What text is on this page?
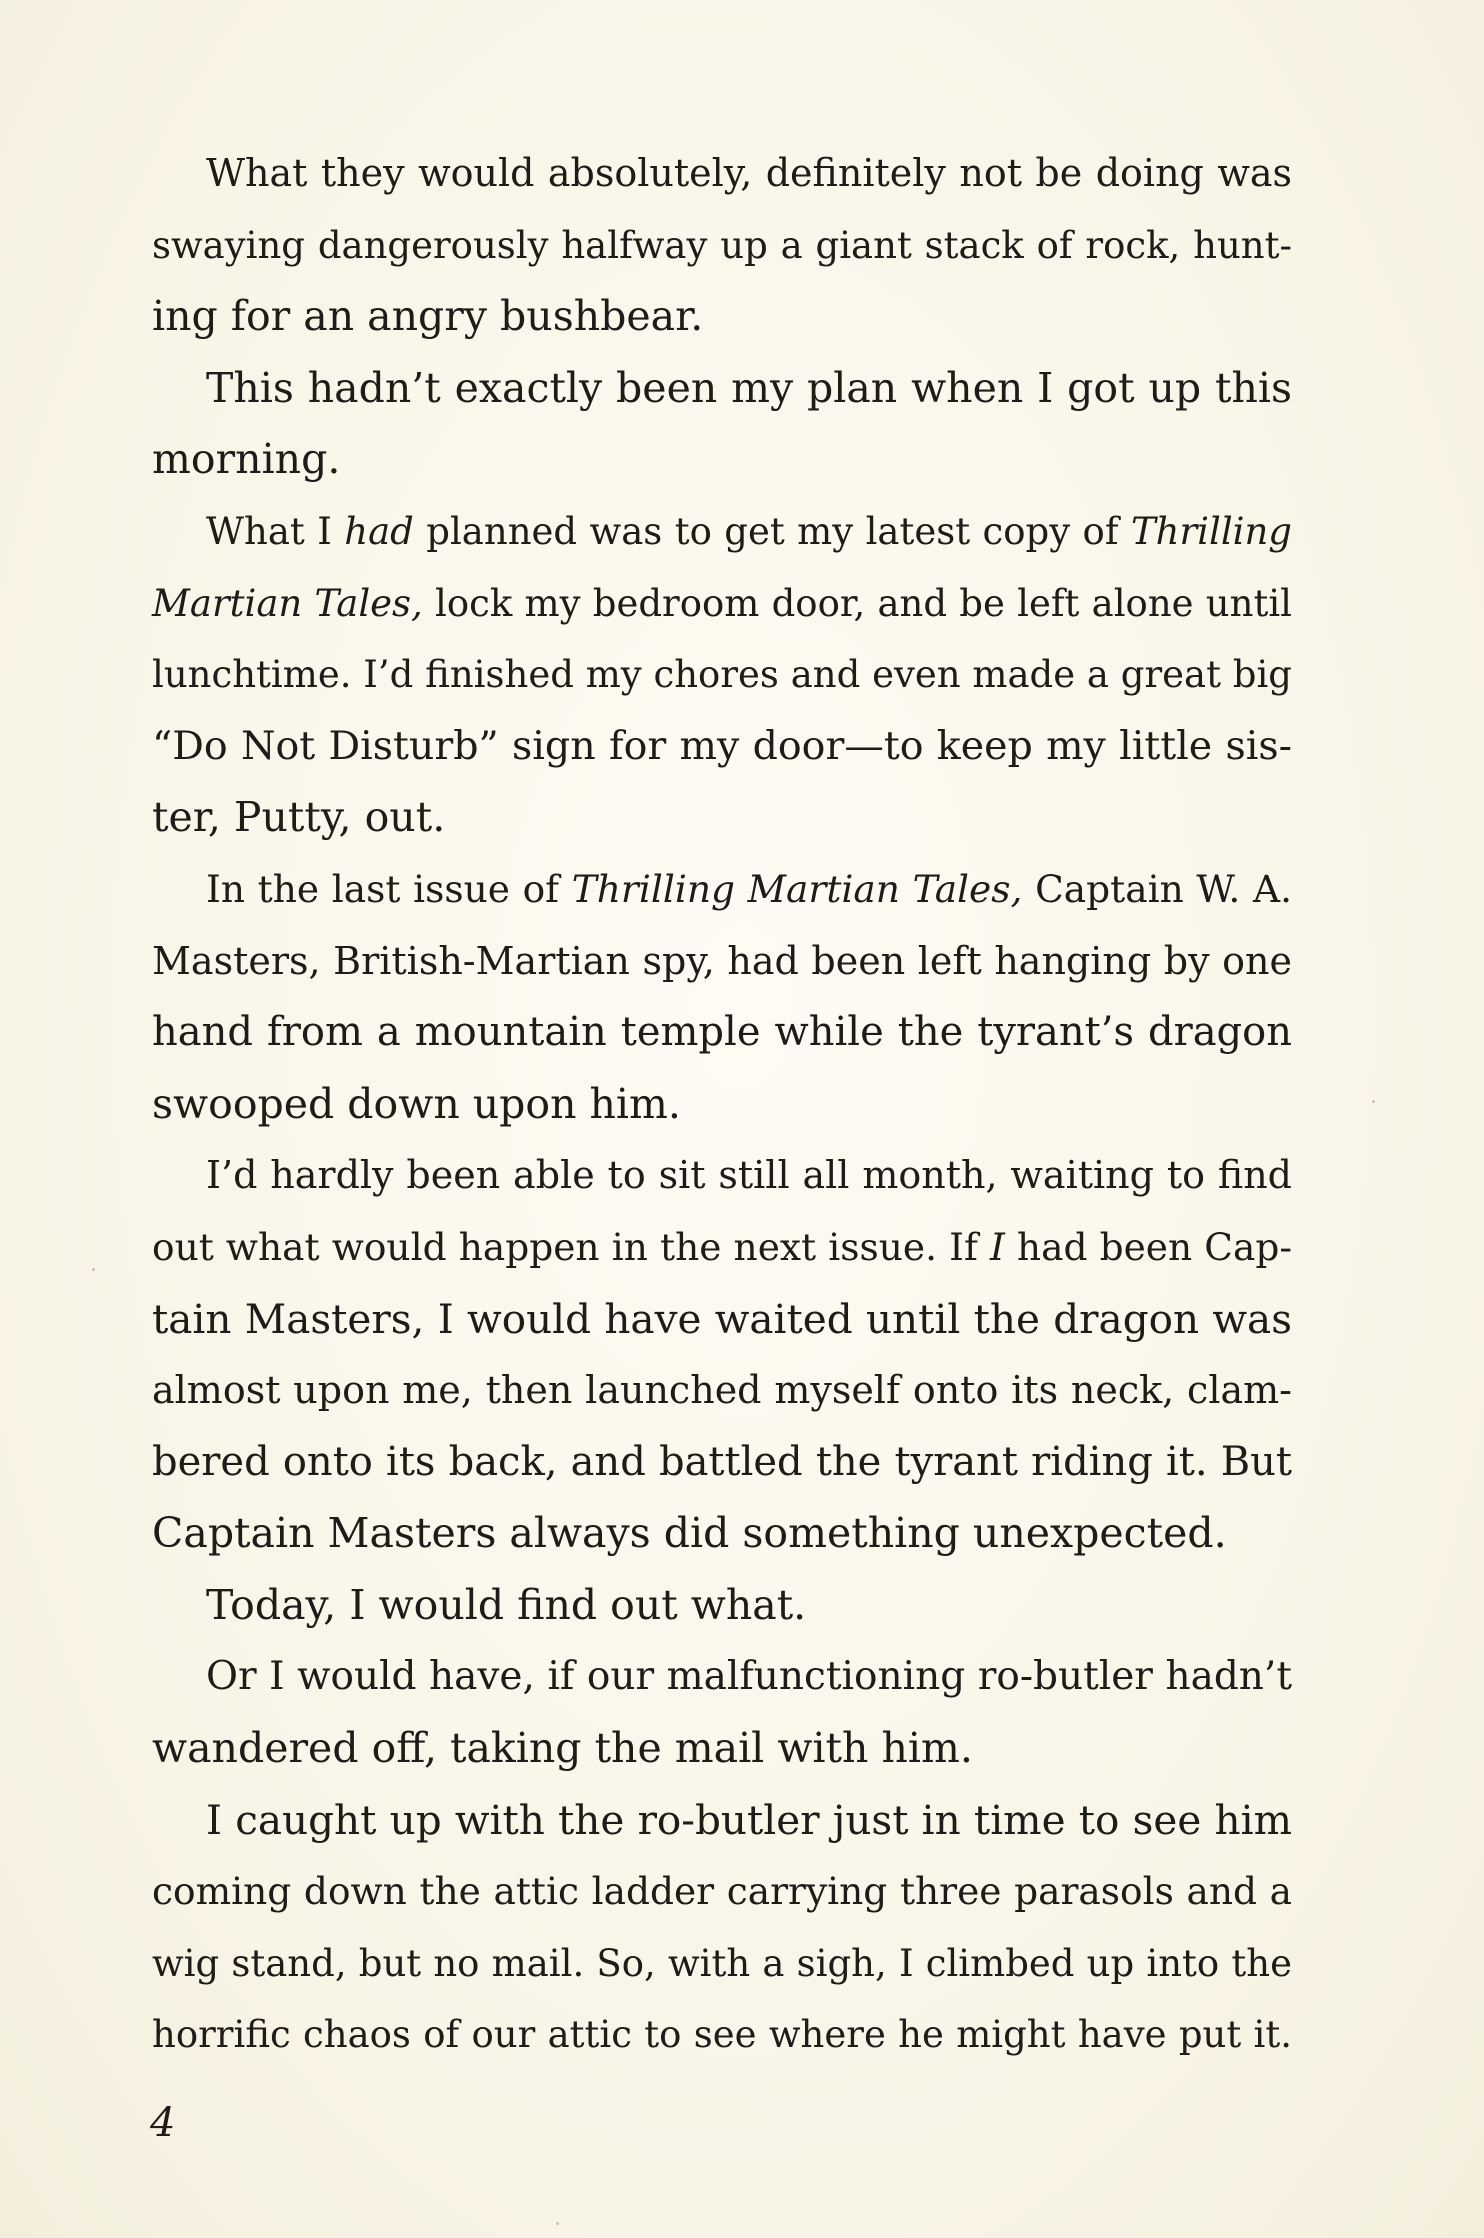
What they would absolutely, definitely not be doing was
swaying dangerously halfway up a giant stack of rock, hunt-
ing for an angry bushbear.
This hadn’t exactly been my plan when I got up this
morning.
What I had planned was to get my latest copy of Thrilling
Martian Tales, lock my bedroom door, and be left alone until
lunchtime. I’d finished my chores and even made a great big
“Do Not Disturb” sign for my door—to keep my little sis-
ter, Putty, out.
In the last issue of Thrilling Martian Tales, Captain W. A.
Masters, British-Martian spy, had been left hanging by one
hand from a mountain temple while the tyrant’s dragon
swooped down upon him.
I’d hardly been able to sit still all month, waiting to find
out what would happen in the next issue. If I had been Cap-
tain Masters, I would have waited until the dragon was
almost upon me, then launched myself onto its neck, clam-
bered onto its back, and battled the tyrant riding it. But
Captain Masters always did something unexpected.
Today, I would find out what.
Or I would have, if our malfunctioning ro-butler hadn’t
wandered off, taking the mail with him.
I caught up with the ro-butler just in time to see him
coming down the attic ladder carrying three parasols and a
wig stand, but no mail. So, with a sigh, I climbed up into the
horrific chaos of our attic to see where he might have put it.
4
